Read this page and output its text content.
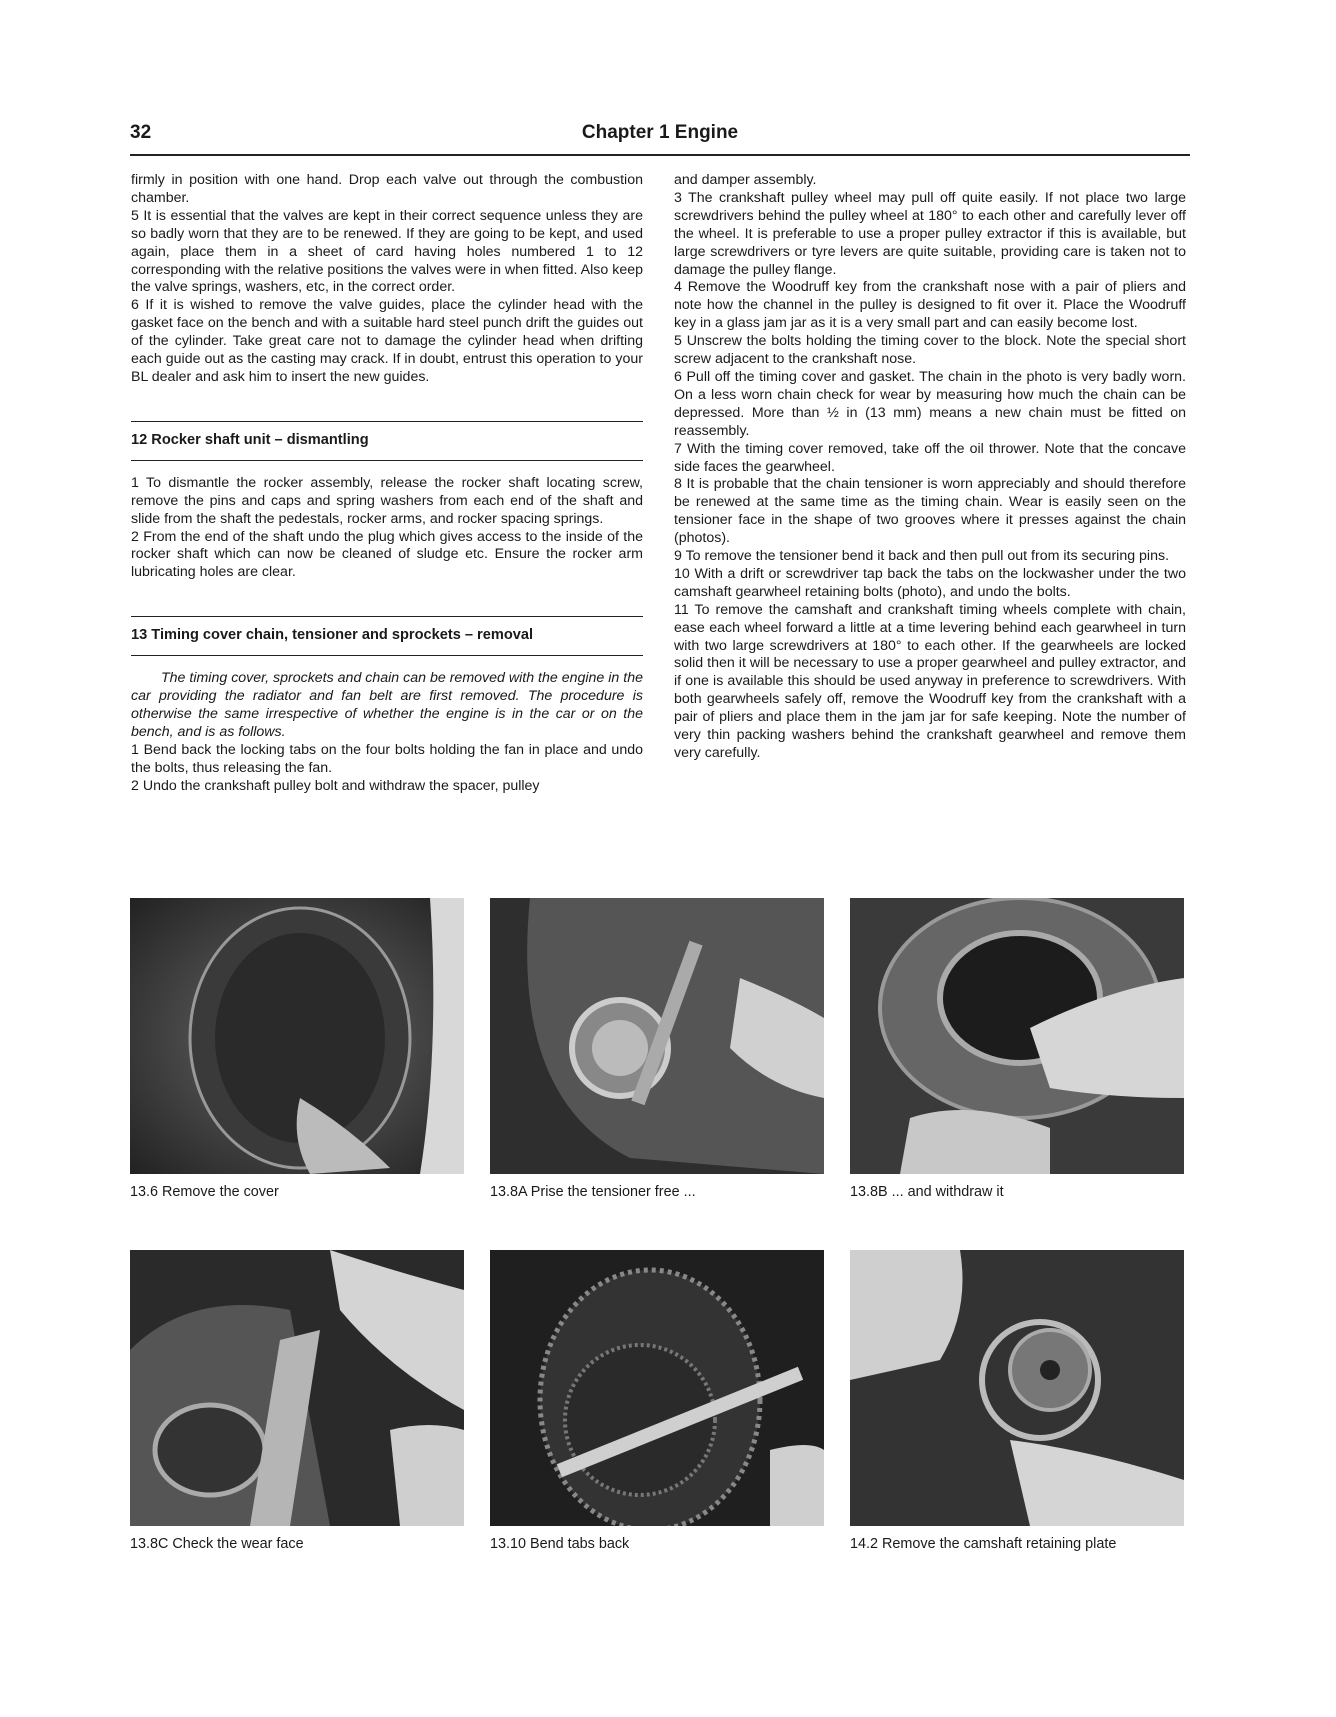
32	Chapter 1 Engine

firmly in position with one hand. Drop each valve out through the combustion chamber.

5 It is essential that the valves are kept in their correct sequence unless they are so badly worn that they are to be renewed. If they are going to be kept, and used again, place them in a sheet of card having holes numbered 1 to 12 corresponding with the relative positions the valves were in when fitted. Also keep the valve springs, washers, etc, in the correct order.

6 If it is wished to remove the valve guides, place the cylinder head with the gasket face on the bench and with a suitable hard steel punch drift the guides out of the cylinder. Take great care not to damage the cylinder head when drifting each guide out as the casting may crack. If in doubt, entrust this operation to your BL dealer and ask him to insert the new guides.

12 Rocker shaft unit – dismantling

1 To dismantle the rocker assembly, release the rocker shaft locating screw, remove the pins and caps and spring washers from each end of the shaft and slide from the shaft the pedestals, rocker arms, and rocker spacing springs.

2 From the end of the shaft undo the plug which gives access to the inside of the rocker shaft which can now be cleaned of sludge etc. Ensure the rocker arm lubricating holes are clear.

13 Timing cover chain, tensioner and sprockets – removal

The timing cover, sprockets and chain can be removed with the engine in the car providing the radiator and fan belt are first removed. The procedure is otherwise the same irrespective of whether the engine is in the car or on the bench, and is as follows.

1 Bend back the locking tabs on the four bolts holding the fan in place and undo the bolts, thus releasing the fan.

2 Undo the crankshaft pulley bolt and withdraw the spacer, pulley

and damper assembly.

3 The crankshaft pulley wheel may pull off quite easily. If not place two large screwdrivers behind the pulley wheel at 180° to each other and carefully lever off the wheel. It is preferable to use a proper pulley extractor if this is available, but large screwdrivers or tyre levers are quite suitable, providing care is taken not to damage the pulley flange.

4 Remove the Woodruff key from the crankshaft nose with a pair of pliers and note how the channel in the pulley is designed to fit over it. Place the Woodruff key in a glass jam jar as it is a very small part and can easily become lost.

5 Unscrew the bolts holding the timing cover to the block. Note the special short screw adjacent to the crankshaft nose.

6 Pull off the timing cover and gasket. The chain in the photo is very badly worn. On a less worn chain check for wear by measuring how much the chain can be depressed. More than ½ in (13 mm) means a new chain must be fitted on reassembly.

7 With the timing cover removed, take off the oil thrower. Note that the concave side faces the gearwheel.

8 It is probable that the chain tensioner is worn appreciably and should therefore be renewed at the same time as the timing chain. Wear is easily seen on the tensioner face in the shape of two grooves where it presses against the chain (photos).

9 To remove the tensioner bend it back and then pull out from its securing pins.

10 With a drift or screwdriver tap back the tabs on the lockwasher under the two camshaft gearwheel retaining bolts (photo), and undo the bolts.

11 To remove the camshaft and crankshaft timing wheels complete with chain, ease each wheel forward a little at a time levering behind each gearwheel in turn with two large screwdrivers at 180° to each other. If the gearwheels are locked solid then it will be necessary to use a proper gearwheel and pulley extractor, and if one is available this should be used anyway in preference to screwdrivers. With both gearwheels safely off, remove the Woodruff key from the crankshaft with a pair of pliers and place them in the jam jar for safe keeping. Note the number of very thin packing washers behind the crankshaft gearwheel and remove them very carefully.

13.6 Remove the cover	13.8A Prise the tensioner free ...	13.8B ... and withdraw it
13.8C Check the wear face	13.10 Bend tabs back	14.2 Remove the camshaft retaining plate
